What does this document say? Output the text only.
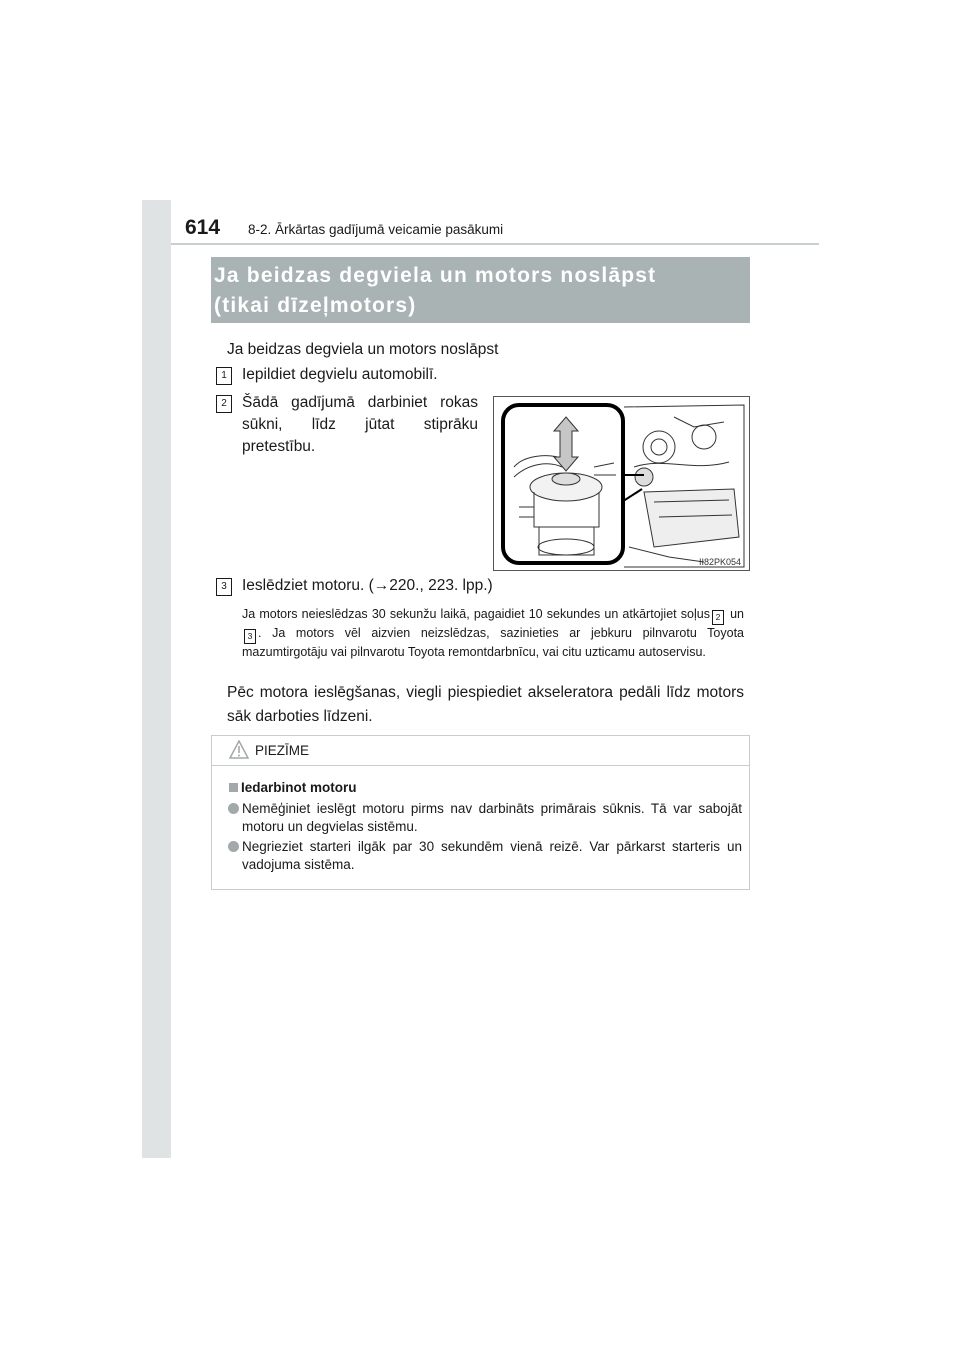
614 8-2. Ārkārtas gadījumā veicamie pasākumi
Ja beidzas degviela un motors noslāpst
(tikai dīzeļmotors)
Ja beidzas degviela un motors noslāpst
1 Iepildiet degvielu automobilī.
2 Šādā gadījumā darbiniet rokas
sūkni, līdz jūtat stiprāku
pretestību.
II82PK054
3 Ieslēdziet motoru. (→220., 223. lpp.)
Ja motors neieslēdzas 30 sekunžu laikā, pagaidiet 10 sekundes un atkārtojiet soļus 2 un 3 . Ja motors vēl aizvien neizslēdzas, sazinieties ar jebkuru pilnvarotu Toyota mazumtirgotāju vai pilnvarotu Toyota remontdarbnīcu, vai citu uzticamu autoservisu.
Pēc motora ieslēgšanas, viegli piespiediet akseleratora pedāli līdz motors sāk darboties līdzeni.
PIEZĪME
Iedarbinot motoru
Nemēģiniet ieslēgt motoru pirms nav darbināts primārais sūknis. Tā var sabojāt motoru un degvielas sistēmu.
Negrieziet starteri ilgāk par 30 sekundēm vienā reizē. Var pārkarst starteris un vadojuma sistēma.
